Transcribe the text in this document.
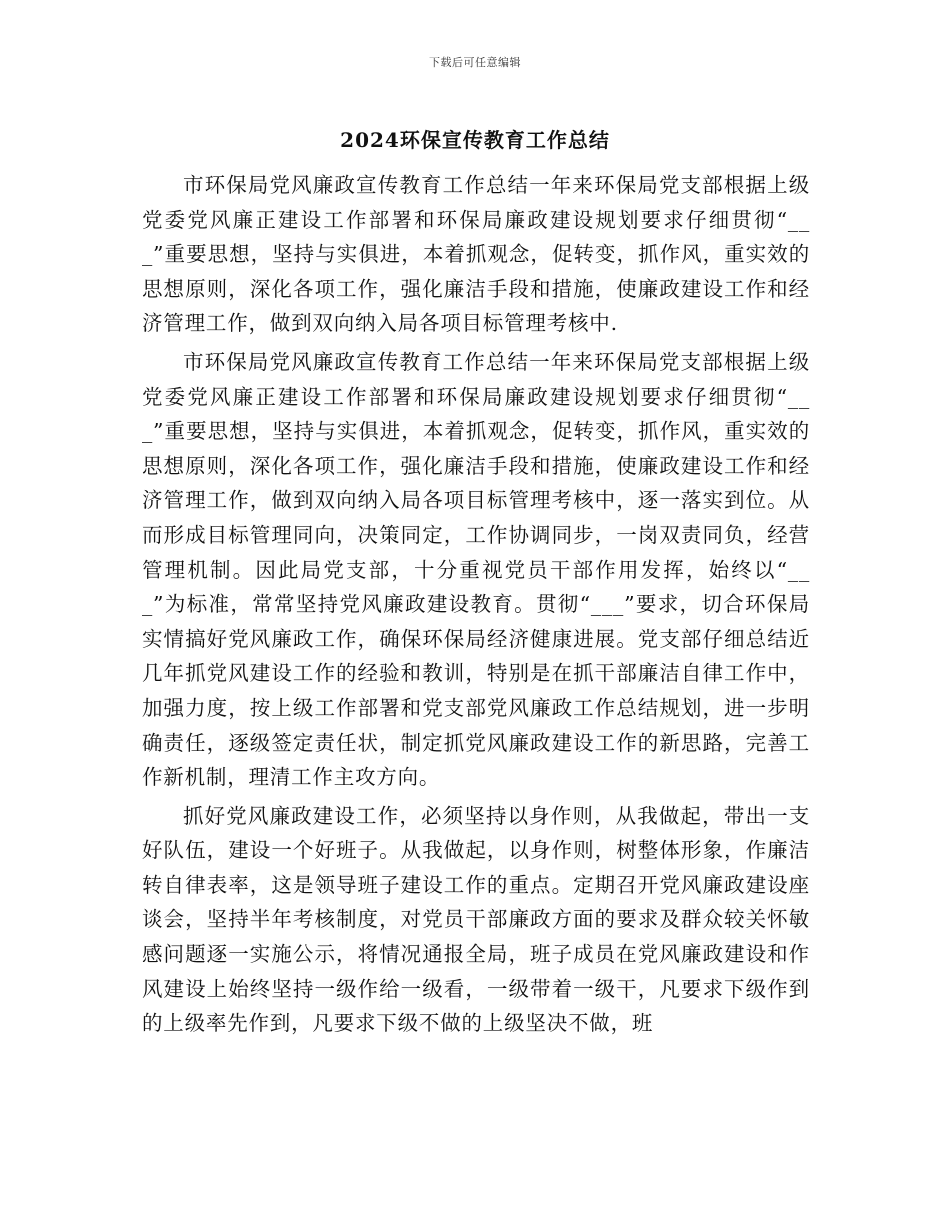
下载后可任意编辑
2024环保宣传教育工作总结

市环保局党风廉政宣传教育工作总结一年来环保局党支部根据上级党委党风廉正建设工作部署和环保局廉政建设规划要求仔细贯彻“___”重要思想，坚持与实俱进，本着抓观念，促转变，抓作风，重实效的思想原则，深化各项工作，强化廉洁手段和措施，使廉政建设工作和经济管理工作，做到双向纳入局各项目标管理考核中.

市环保局党风廉政宣传教育工作总结一年来环保局党支部根据上级党委党风廉正建设工作部署和环保局廉政建设规划要求仔细贯彻“___”重要思想，坚持与实俱进，本着抓观念，促转变，抓作风，重实效的思想原则，深化各项工作，强化廉洁手段和措施，使廉政建设工作和经济管理工作，做到双向纳入局各项目标管理考核中，逐一落实到位。从而形成目标管理同向，决策同定，工作协调同步，一岗双责同负，经营管理机制。因此局党支部，十分重视党员干部作用发挥，始终以“___”为标准，常常坚持党风廉政建设教育。贯彻“___”要求，切合环保局实情搞好党风廉政工作，确保环保局经济健康进展。党支部仔细总结近几年抓党风建设工作的经验和教训，特别是在抓干部廉洁自律工作中，加强力度，按上级工作部署和党支部党风廉政工作总结规划，进一步明确责任，逐级签定责任状，制定抓党风廉政建设工作的新思路，完善工作新机制，理清工作主攻方向。

抓好党风廉政建设工作，必须坚持以身作则，从我做起，带出一支好队伍，建设一个好班子。从我做起，以身作则，树整体形象，作廉洁转自律表率，这是领导班子建设工作的重点。定期召开党风廉政建设座谈会，坚持半年考核制度，对党员干部廉政方面的要求及群众较关怀敏感问题逐一实施公示，将情况通报全局，班子成员在党风廉政建设和作风建设上始终坚持一级作给一级看，一级带着一级干，凡要求下级作到的上级率先作到，凡要求下级不做的上级坚决不做，班
